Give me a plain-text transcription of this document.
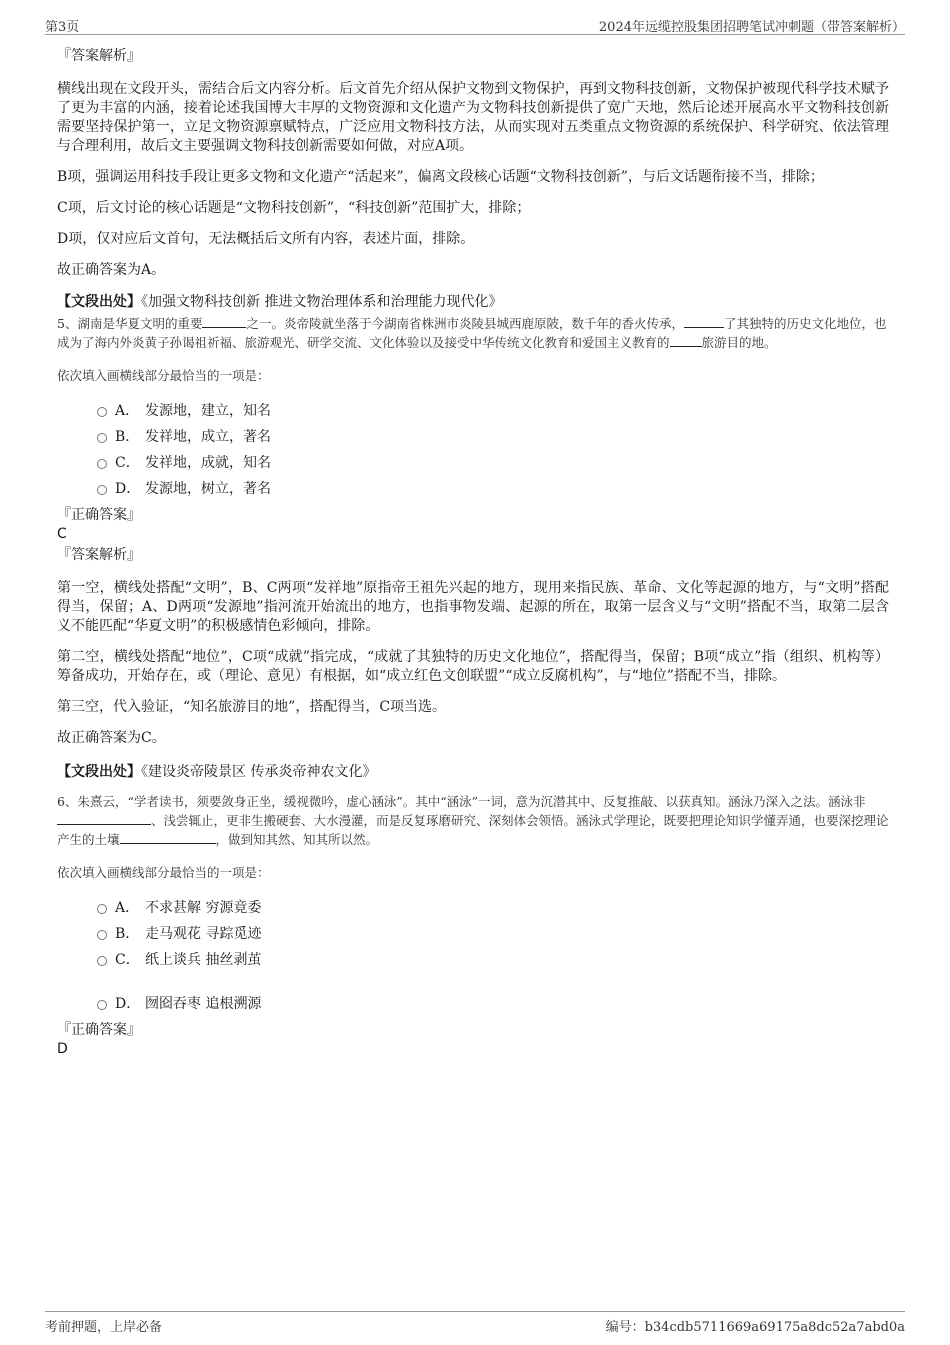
第3页	2024年远缆控股集团招聘笔试冲刺题（带答案解析）

『答案解析』

横线出现在文段开头，需结合后文内容分析。后文首先介绍从保护文物到文物保护，再到文物科技创新，文物保护被现代科学技术赋予了更为丰富的内涵，接着论述我国博大丰厚的文物资源和文化遗产为文物科技创新提供了宽广天地，然后论述开展高水平文物科技创新需要坚持保护第一，立足文物资源禀赋特点，广泛应用文物科技方法，从而实现对五类重点文物资源的系统保护、科学研究、依法管理与合理利用，故后文主要强调文物科技创新需要如何做，对应A项。

B项，强调运用科技手段让更多文物和文化遗产“活起来”，偏离文段核心话题“文物科技创新”，与后文话题衔接不当，排除；

C项，后文讨论的核心话题是“文物科技创新”，“科技创新”范围扩大，排除；

D项，仅对应后文首句，无法概括后文所有内容，表述片面，排除。

故正确答案为A。

【文段出处】《加强文物科技创新 推进文物治理体系和治理能力现代化》

5、湖南是华夏文明的重要	之一。炎帝陵就坐落于今湖南省株洲市炎陵县城西鹿原陂，数千年的香火传承，	了其独特的历史文化地位，也成为了海内外炎黄子孙谒祖祈福、旅游观光、研学交流、文化体验以及接受中华传统文化教育和爱国主义教育的	旅游目的地。

依次填入画横线部分最恰当的一项是：

A． 发源地，建立，知名
B． 发祥地，成立，著名
C． 发祥地，成就，知名
D． 发源地，树立，著名

『正确答案』

C

『答案解析』

第一空，横线处搭配“文明”，B、C两项“发祥地”原指帝王祖先兴起的地方，现用来指民族、革命、文化等起源的地方，与“文明”搭配得当，保留；A、D两项“发源地”指河流开始流出的地方，也指事物发端、起源的所在，取第一层含义与“文明”搭配不当，取第二层含义不能匹配“华夏文明”的积极感情色彩倾向，排除。

第二空，横线处搭配“地位”，C项“成就”指完成，“成就了其独特的历史文化地位”，搭配得当，保留；B项“成立”指（组织、机构等）筹备成功，开始存在，或（理论、意见）有根据，如“成立红色文创联盟”“成立反腐机构”，与“地位”搭配不当，排除。

第三空，代入验证，“知名旅游目的地”，搭配得当，C项当选。

故正确答案为C。

【文段出处】《建设炎帝陵景区 传承炎帝神农文化》

6、朱熹云，“学者读书，须要敛身正坐，缓视微吟，虚心涵泳”。其中“涵泳”一词，意为沉潜其中、反复推敲、以获真知。涵泳乃深入之法。涵泳非、浅尝辄止，更非生搬硬套、大水漫灌，而是反复琢磨研究、深刻体会领悟。涵泳式学理论，既要把理论知识学懂弄通，也要深挖理论产生的土壤	，做到知其然、知其所以然。

依次填入画横线部分最恰当的一项是：

A． 不求甚解 穷源竟委
B． 走马观花 寻踪觅迹
C． 纸上谈兵 抽丝剥茧
D． 囫囵吞枣 追根溯源

『正确答案』

D

考前押题，上岸必备	编号：b34cdb5711669a69175a8dc52a7abd0a
